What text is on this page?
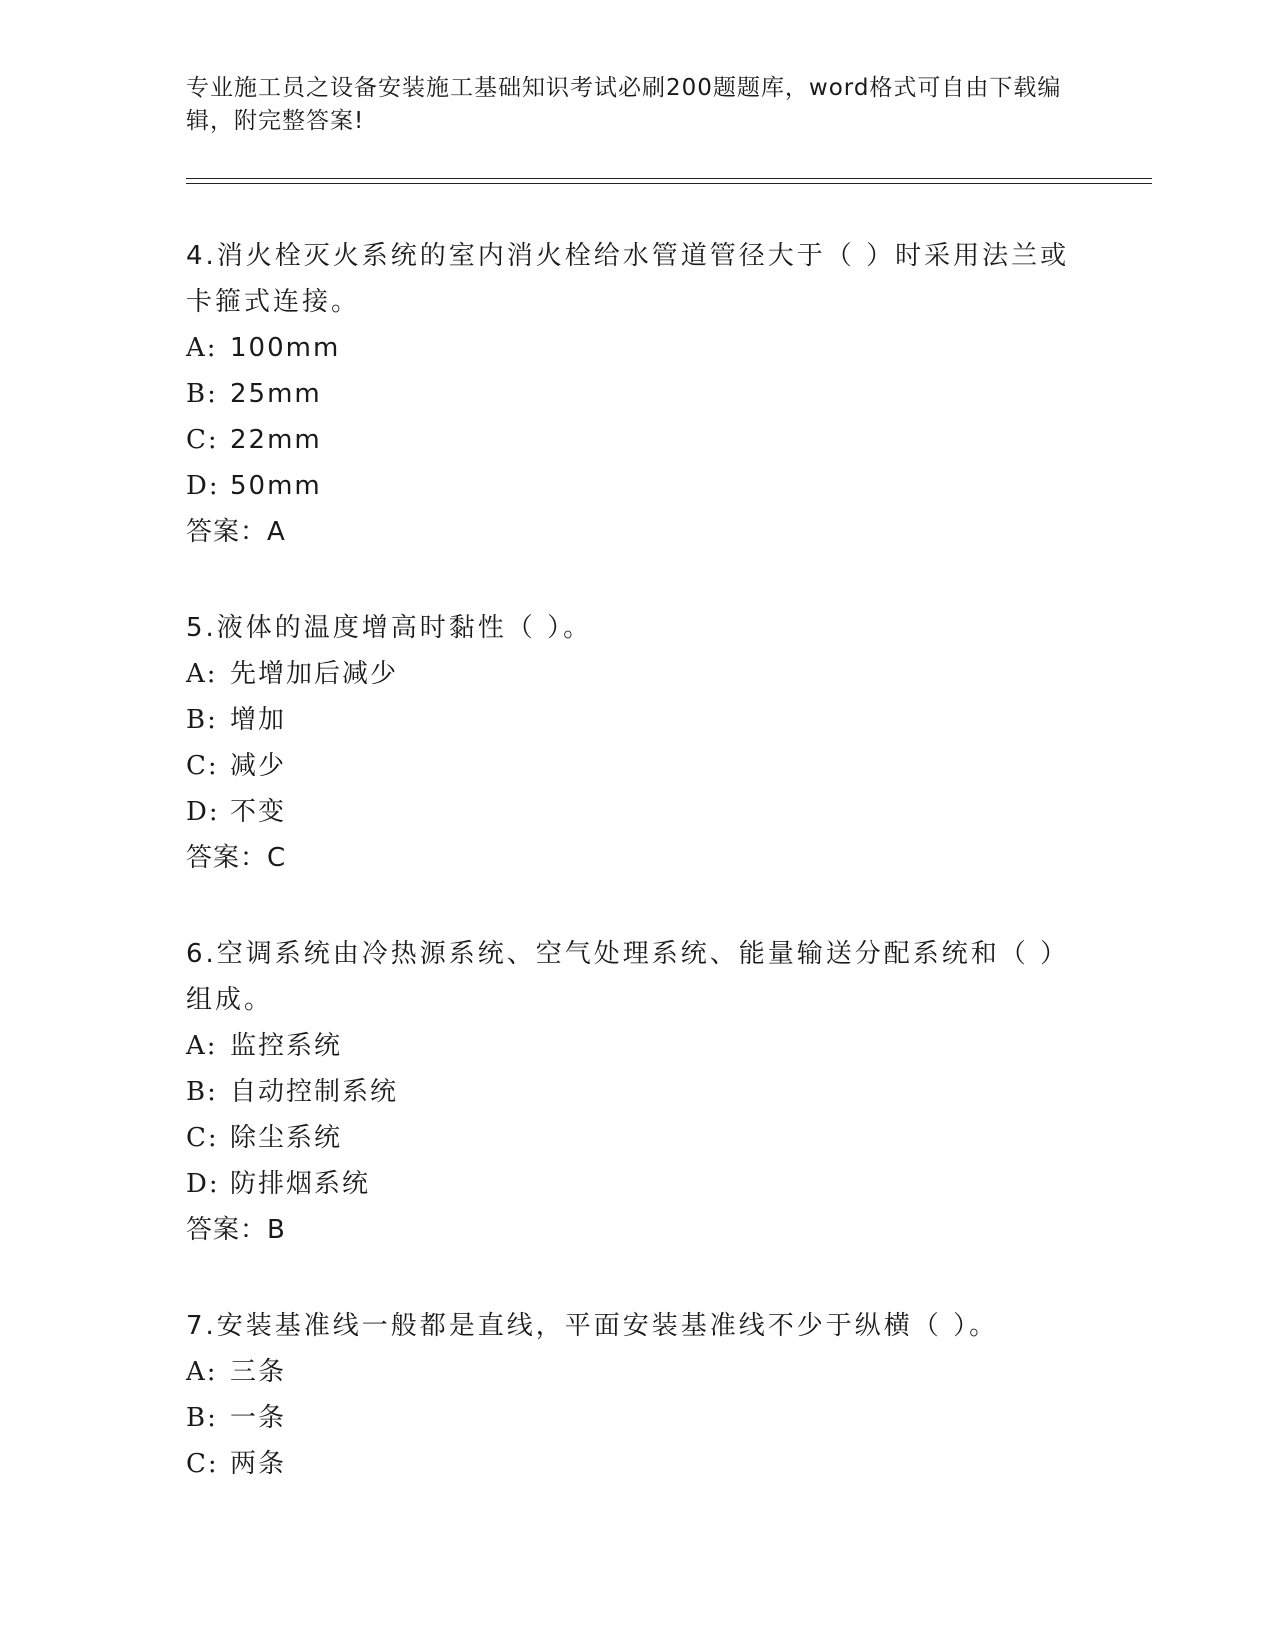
专业施工员之设备安装施工基础知识考试必刷200题题库，word格式可自由下载编辑，附完整答案!
4.消火栓灭火系统的室内消火栓给水管道管径大于（ ）时采用法兰或卡箍式连接。
A: 100mm
B: 25mm
C: 22mm
D: 50mm
答案：A
5.液体的温度增高时黏性（ ）。
A: 先增加后减少
B: 增加
C: 减少
D: 不变
答案：C
6.空调系统由冷热源系统、空气处理系统、能量输送分配系统和（ ）组成。
A: 监控系统
B: 自动控制系统
C: 除尘系统
D: 防排烟系统
答案：B
7.安装基准线一般都是直线，平面安装基准线不少于纵横（ ）。
A: 三条
B: 一条
C: 两条
